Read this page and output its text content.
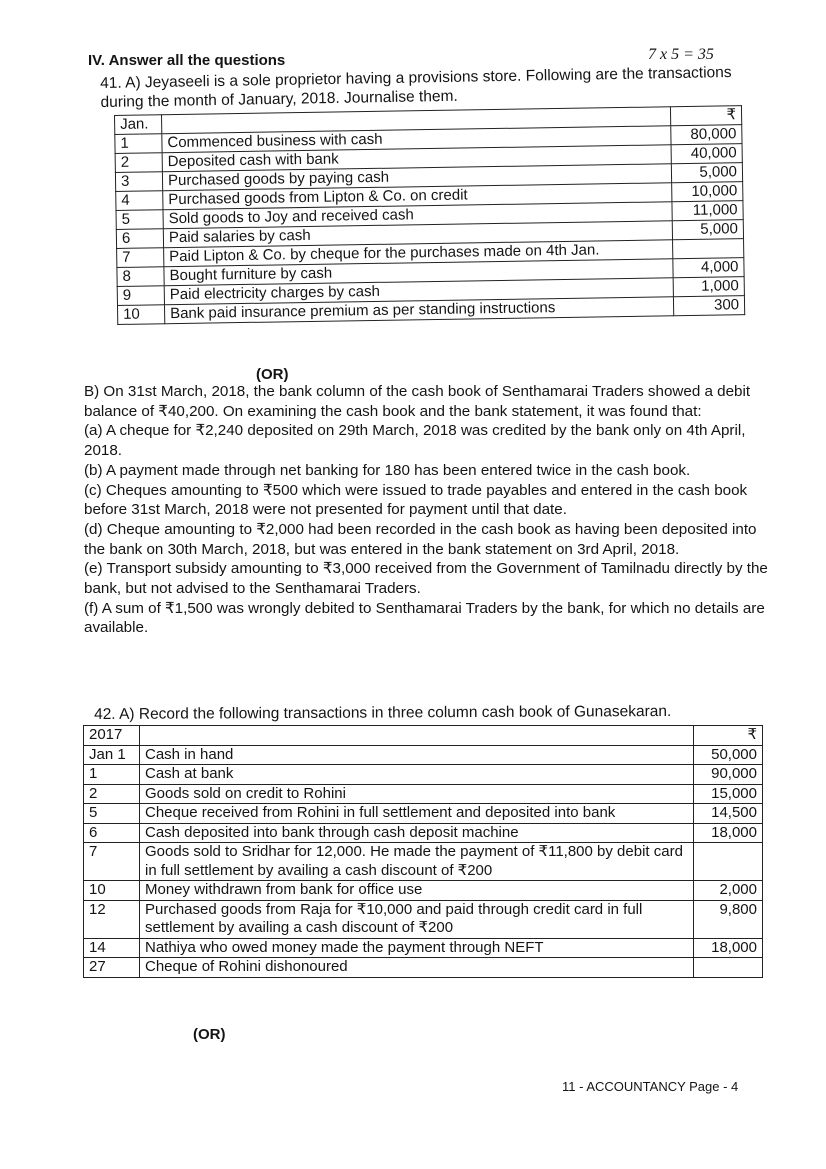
IV. Answer all the questions	7 x 5 = 35
41. A) Jeyaseeli is a sole proprietor having a provisions store. Following are the transactions during the month of January, 2018. Journalise them.
Jan.		₹
1	Commenced business with cash	80,000
2	Deposited cash with bank	40,000
3	Purchased goods by paying cash	5,000
4	Purchased goods from Lipton & Co. on credit	10,000
5	Sold goods to Joy and received cash	11,000
6	Paid salaries by cash	5,000
7	Paid Lipton & Co. by cheque for the purchases made on 4th Jan.	
8	Bought furniture by cash	4,000
9	Paid electricity charges by cash	1,000
10	Bank paid insurance premium as per standing instructions	300
(OR)

B) On 31st March, 2018, the bank column of the cash book of Senthamarai Traders showed a debit balance of ₹40,200. On examining the cash book and the bank statement, it was found that:

(a) A cheque for ₹2,240 deposited on 29th March, 2018 was credited by the bank only on 4th April, 2018.

(b) A payment made through net banking for 180 has been entered twice in the cash book.

(c) Cheques amounting to ₹500 which were issued to trade payables and entered in the cash book before 31st March, 2018 were not presented for payment until that date.

(d) Cheque amounting to ₹2,000 had been recorded in the cash book as having been deposited into the bank on 30th March, 2018, but was entered in the bank statement on 3rd April, 2018.

(e) Transport subsidy amounting to ₹3,000 received from the Government of Tamilnadu directly by the bank, but not advised to the Senthamarai Traders.

(f) A sum of ₹1,500 was wrongly debited to Senthamarai Traders by the bank, for which no details are available.

42. A) Record the following transactions in three column cash book of Gunasekaran.
2017		₹
Jan 1	Cash in hand	50,000
1	Cash at bank	90,000
2	Goods sold on credit to Rohini	15,000
5	Cheque received from Rohini in full settlement and deposited into bank	14,500
6	Cash deposited into bank through cash deposit machine	18,000
7	Goods sold to Sridhar for 12,000. He made the payment of ₹11,800 by debit card in full settlement by availing a cash discount of ₹200	
10	Money withdrawn from bank for office use	2,000
12	Purchased goods from Raja for ₹10,000 and paid through credit card in full settlement by availing a cash discount of ₹200	9,800
14	Nathiya who owed money made the payment through NEFT	18,000
27	Cheque of Rohini dishonoured	
(OR)
11 - ACCOUNTANCY Page - 4
